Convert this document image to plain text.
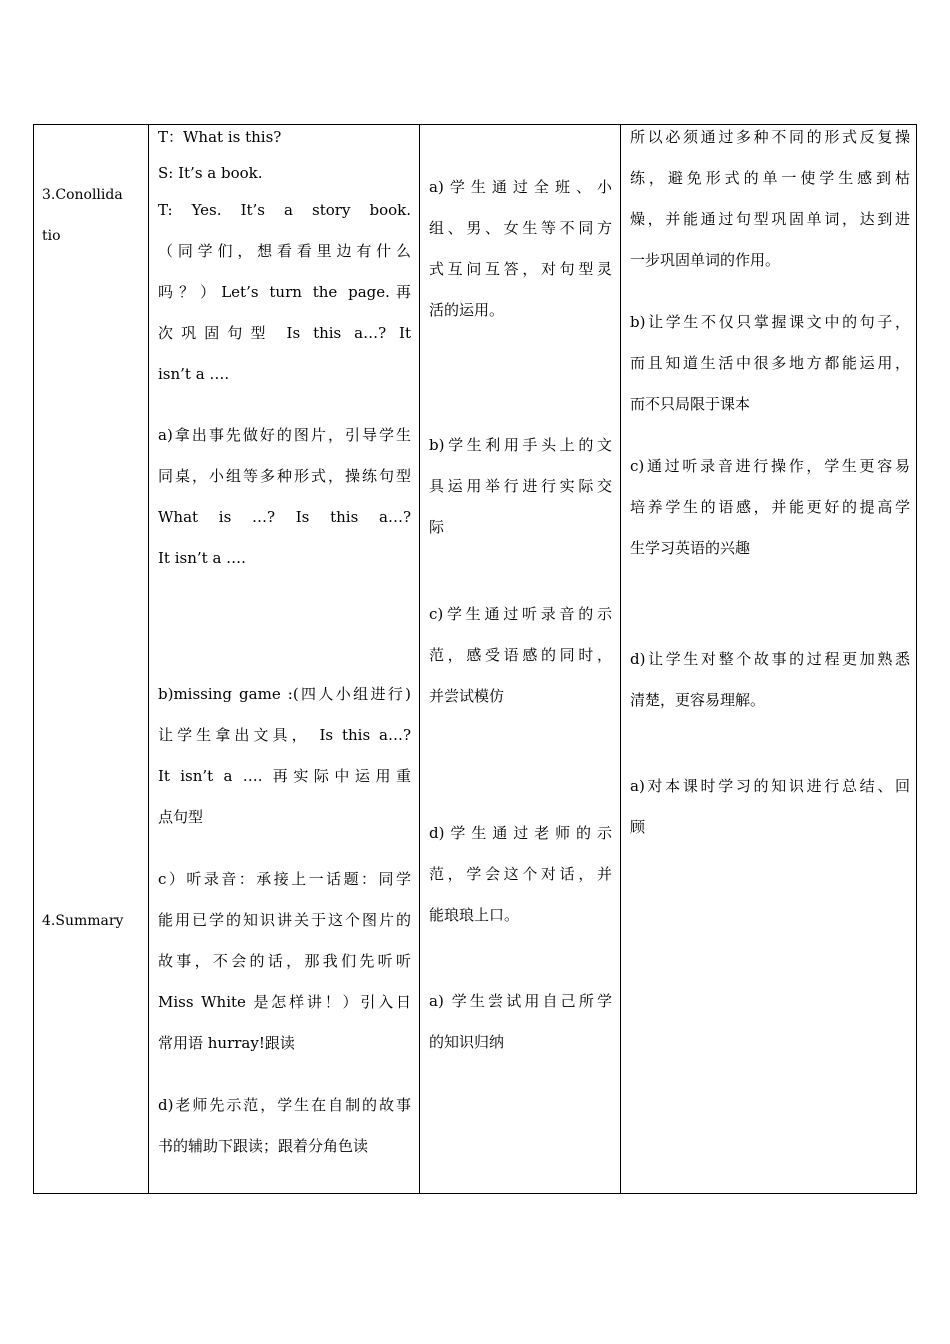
3.Conollida
tio
4.Summary
T：What is this?
S: It’s a book.
T: Yes. It’s a story book.
（同学们，想看看里边有什么
吗？）Let’s turn the page.再
次巩固句型 Is this a…? It
isn’t a ….
a)拿出事先做好的图片，引导学生
同桌，小组等多种形式，操练句型
What is …? Is this a…?
It isn’t a ….
b)missing game :(四人小组进行)
让学生拿出文具， Is this a…?
It isn’t a …. 再实际中运用重
点句型
c）听录音：承接上一话题：同学
能用已学的知识讲关于这个图片的
故事，不会的话，那我们先听听
Miss White 是怎样讲！）引入日
常用语 hurray!跟读
d)老师先示范，学生在自制的故事
书的辅助下跟读；跟着分角色读
a)学生通过全班、小
组、男、女生等不同方
式互问互答，对句型灵
活的运用。
b)学生利用手头上的文
具运用举行进行实际交
际
c)学生通过听录音的示
范，感受语感的同时，
并尝试模仿
d)学生通过老师的示
范，学会这个对话，并
能琅琅上口。
a) 学生尝试用自己所学
的知识归纳
所以必须通过多种不同的形式反复操
练，避免形式的单一使学生感到枯
燥，并能通过句型巩固单词，达到进
一步巩固单词的作用。
b)让学生不仅只掌握课文中的句子，
而且知道生活中很多地方都能运用，
而不只局限于课本
c)通过听录音进行操作，学生更容易
培养学生的语感，并能更好的提高学
生学习英语的兴趣
d)让学生对整个故事的过程更加熟悉
清楚，更容易理解。
a)对本课时学习的知识进行总结、回
顾
